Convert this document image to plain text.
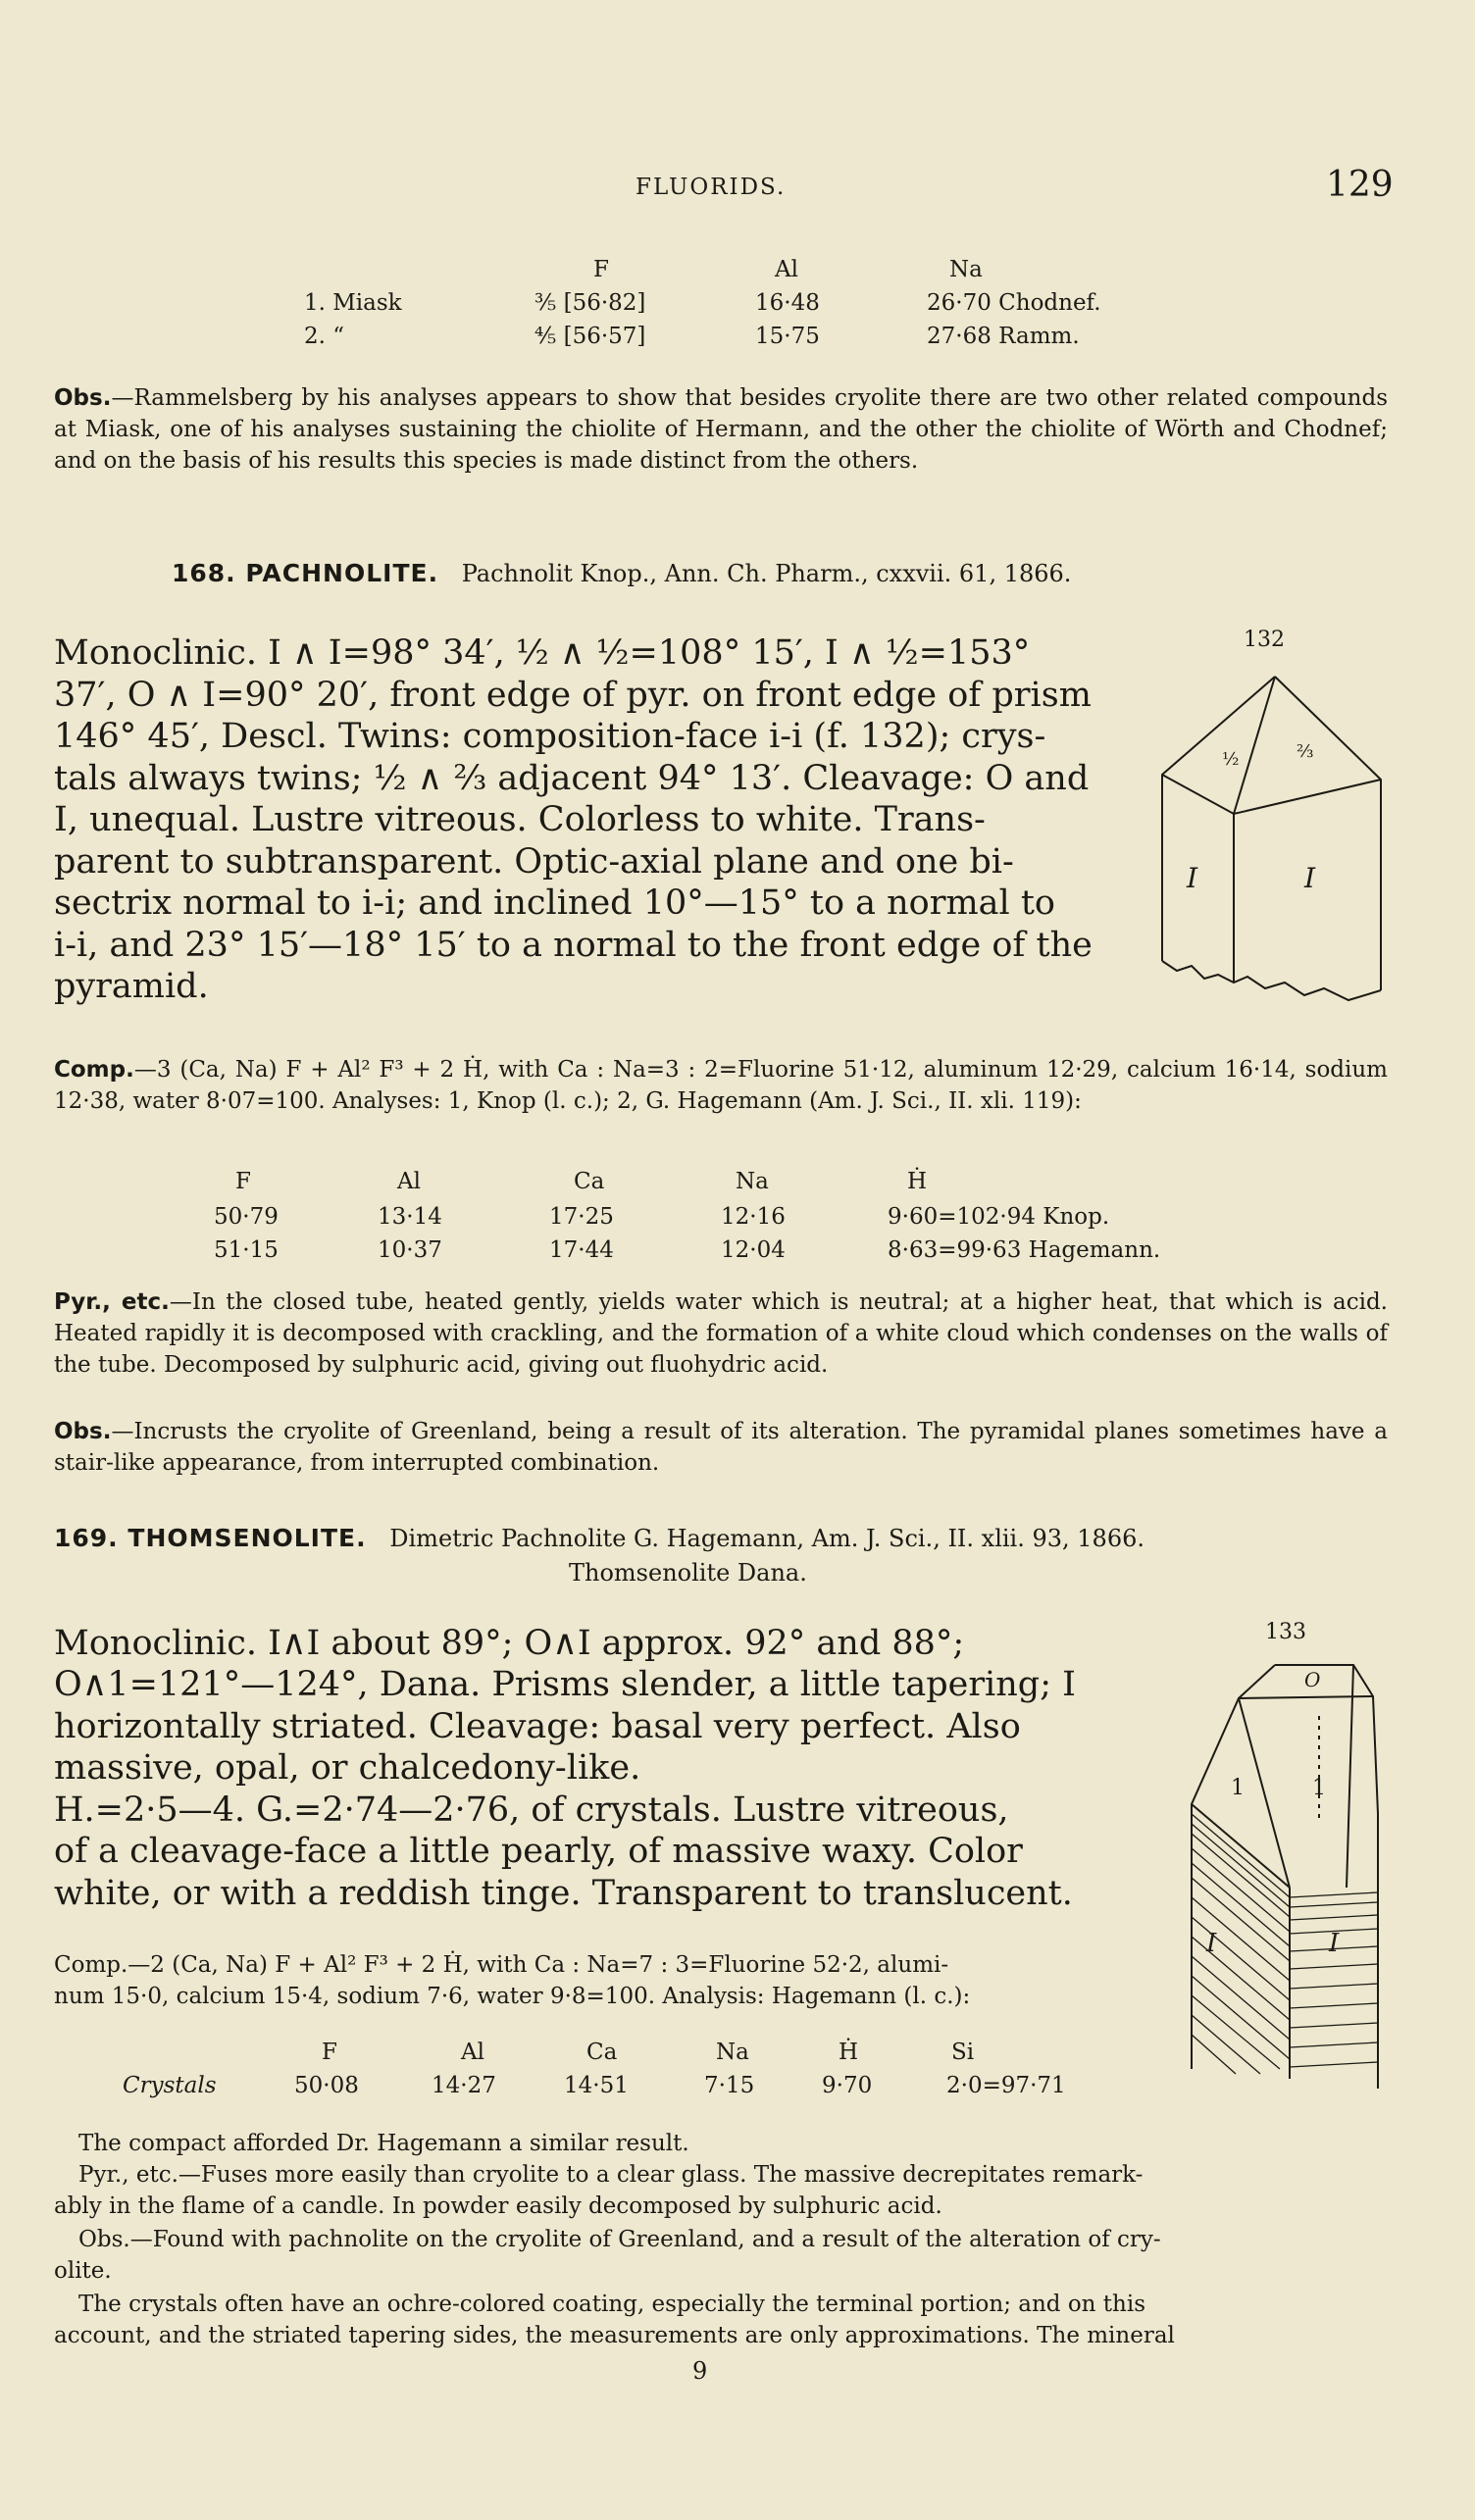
FLUORIDS.	129
F	Al	Na
1. Miask	⅗ [56·82]	16·48	26·70 Chodnef.
2. “	⅘ [56·57]	15·75	27·68 Ramm.
Obs.—Rammelsberg by his analyses appears to show that besides cryolite there are two other related compounds at Miask, one of his analyses sustaining the chiolite of Hermann, and the other the chiolite of Wörth and Chodnef; and on the basis of his results this species is made distinct from the others.
168. PACHNOLITE. Pachnolit Knop., Ann. Ch. Pharm., cxxvii. 61, 1866.
132
½	⅔
I	I
Monoclinic. I ∧ I=98° 34′, ½ ∧ ½=108° 15′, I ∧ ½=153°
37′, O ∧ I=90° 20′, front edge of pyr. on front edge of prism
146° 45′, Descl. Twins: composition-face i-i (f. 132); crys-
tals always twins; ½ ∧ ⅔ adjacent 94° 13′. Cleavage: O and
I, unequal. Lustre vitreous. Colorless to white. Trans-
parent to subtransparent. Optic-axial plane and one bi-
sectrix normal to i-i; and inclined 10°—15° to a normal to
i-i, and 23° 15′—18° 15′ to a normal to the front edge of the
pyramid.
Comp.—3 (Ca, Na) F + Al² F³ + 2 Ḣ, with Ca : Na=3 : 2=Fluorine 51·12, aluminum 12·29, calcium 16·14, sodium 12·38, water 8·07=100. Analyses: 1, Knop (l. c.); 2, G. Hagemann (Am. J. Sci., II. xli. 119):
F	Al	Ca	Na	Ḣ
50·79	13·14	17·25	12·16	9·60=102·94 Knop.
51·15	10·37	17·44	12·04	8·63=99·63 Hagemann.
Pyr., etc.—In the closed tube, heated gently, yields water which is neutral; at a higher heat, that which is acid. Heated rapidly it is decomposed with crackling, and the formation of a white cloud which condenses on the walls of the tube. Decomposed by sulphuric acid, giving out fluohydric acid.
Obs.—Incrusts the cryolite of Greenland, being a result of its alteration. The pyramidal planes sometimes have a stair-like appearance, from interrupted combination.
169. THOMSENOLITE. Dimetric Pachnolite G. Hagemann, Am. J. Sci., II. xlii. 93, 1866.
Thomsenolite Dana.
133
O
1	1
I	I
Monoclinic. I∧I about 89°; O∧I approx. 92° and 88°;
O∧1=121°—124°, Dana. Prisms slender, a little tapering; I
horizontally striated. Cleavage: basal very perfect. Also
massive, opal, or chalcedony-like.
H.=2·5—4. G.=2·74—2·76, of crystals. Lustre vitreous,
of a cleavage-face a little pearly, of massive waxy. Color
white, or with a reddish tinge. Transparent to translucent.
Comp.—2 (Ca, Na) F + Al² F³ + 2 Ḣ, with Ca : Na=7 : 3=Fluorine 52·2, alumi-
num 15·0, calcium 15·4, sodium 7·6, water 9·8=100. Analysis: Hagemann (l. c.):
F	Al	Ca	Na	Ḣ	Si
Crystals	50·08	14·27	14·51	7·15	9·70	2·0=97·71
The compact afforded Dr. Hagemann a similar result.
Pyr., etc.—Fuses more easily than cryolite to a clear glass. The massive decrepitates remark-
ably in the flame of a candle. In powder easily decomposed by sulphuric acid.
Obs.—Found with pachnolite on the cryolite of Greenland, and a result of the alteration of cry-
olite.
The crystals often have an ochre-colored coating, especially the terminal portion; and on this
account, and the striated tapering sides, the measurements are only approximations. The mineral
9
